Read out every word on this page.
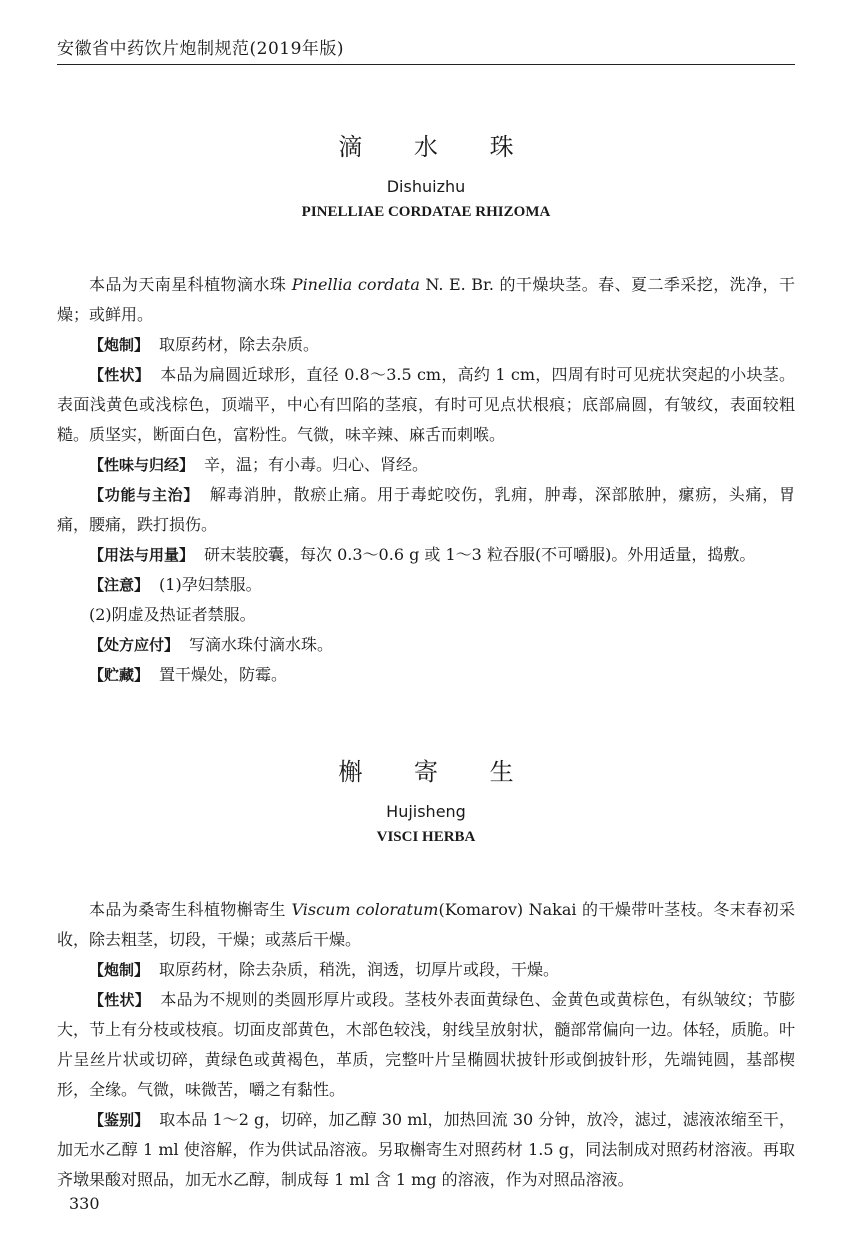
安徽省中药饮片炮制规范(2019年版)
滴 水 珠
Dishuizhu
PINELLIAE CORDATAE RHIZOMA

本品为天南星科植物滴水珠 Pinellia cordata N. E. Br. 的干燥块茎。春、夏二季采挖，洗净，干燥；或鲜用。

【炮制】 取原药材，除去杂质。

【性状】 本品为扁圆近球形，直径 0.8～3.5 cm，高约 1 cm，四周有时可见疣状突起的小块茎。表面浅黄色或浅棕色，顶端平，中心有凹陷的茎痕，有时可见点状根痕；底部扁圆，有皱纹，表面较粗糙。质坚实，断面白色，富粉性。气微，味辛辣、麻舌而刺喉。

【性味与归经】 辛，温；有小毒。归心、肾经。

【功能与主治】 解毒消肿，散瘀止痛。用于毒蛇咬伤，乳痈，肿毒，深部脓肿，瘰疬，头痛，胃痛，腰痛，跌打损伤。

【用法与用量】 研末装胶囊，每次 0.3～0.6 g 或 1～3 粒吞服(不可嚼服)。外用适量，捣敷。

【注意】 (1)孕妇禁服。

(2)阴虚及热证者禁服。

【处方应付】 写滴水珠付滴水珠。

【贮藏】 置干燥处，防霉。

槲 寄 生
Hujisheng
VISCI HERBA

本品为桑寄生科植物槲寄生 Viscum coloratum(Komarov) Nakai 的干燥带叶茎枝。冬末春初采收，除去粗茎，切段，干燥；或蒸后干燥。

【炮制】 取原药材，除去杂质，稍洗，润透，切厚片或段，干燥。

【性状】 本品为不规则的类圆形厚片或段。茎枝外表面黄绿色、金黄色或黄棕色，有纵皱纹；节膨大，节上有分枝或枝痕。切面皮部黄色，木部色较浅，射线呈放射状，髓部常偏向一边。体轻，质脆。叶片呈丝片状或切碎，黄绿色或黄褐色，革质，完整叶片呈椭圆状披针形或倒披针形，先端钝圆，基部楔形，全缘。气微，味微苦，嚼之有黏性。

【鉴别】 取本品 1～2 g，切碎，加乙醇 30 ml，加热回流 30 分钟，放冷，滤过，滤液浓缩至干，加无水乙醇 1 ml 使溶解，作为供试品溶液。另取槲寄生对照药材 1.5 g，同法制成对照药材溶液。再取齐墩果酸对照品，加无水乙醇，制成每 1 ml 含 1 mg 的溶液，作为对照品溶液。

330
